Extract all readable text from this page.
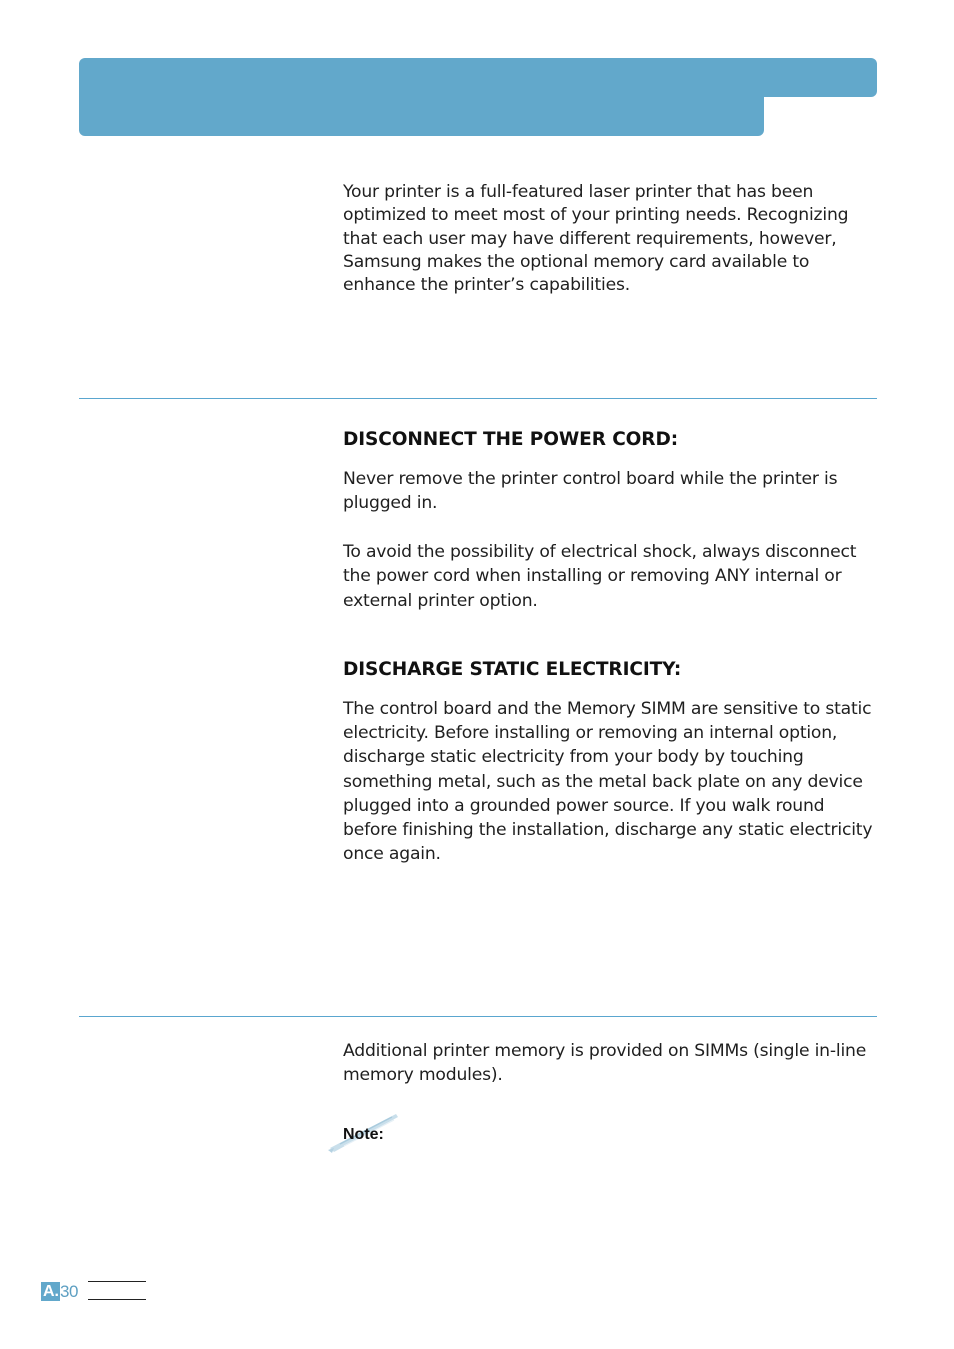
Your printer is a full-featured laser printer that has been
optimized to meet most of your printing needs. Recognizing
that each user may have different requirements, however,
Samsung makes the optional memory card available to
enhance the printer’s capabilities.

DISCONNECT THE POWER CORD:

Never remove the printer control board while the printer is
plugged in.

To avoid the possibility of electrical shock, always disconnect
the power cord when installing or removing ANY internal or
external printer option.

DISCHARGE STATIC ELECTRICITY:

The control board and the Memory SIMM are sensitive to static
electricity. Before installing or removing an internal option,
discharge static electricity from your body by touching
something metal, such as the metal back plate on any device
plugged into a grounded power source. If you walk round
before finishing the installation, discharge any static electricity
once again.

Additional printer memory is provided on SIMMs (single in-line
memory modules).

Note:
A. 30
